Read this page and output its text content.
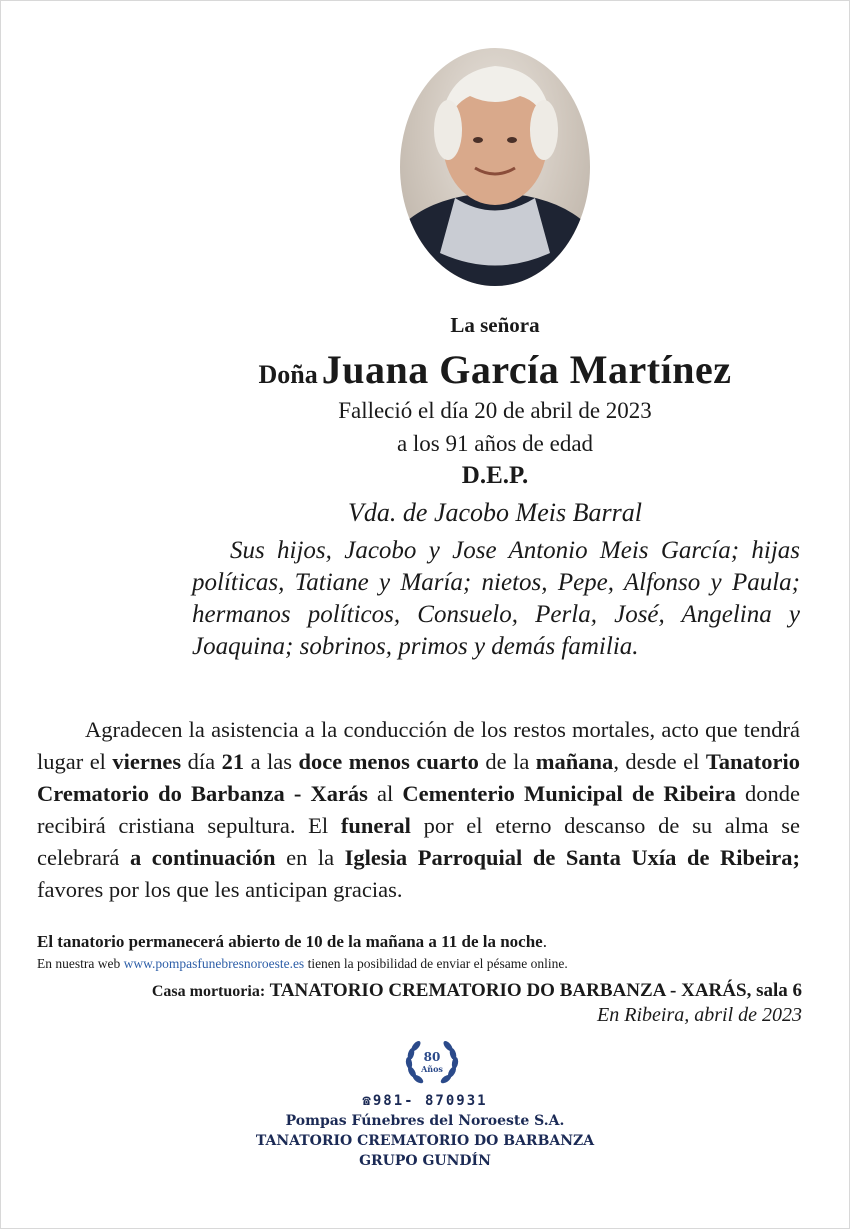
La señora
Doña Juana García Martínez
Falleció el día 20 de abril de 2023
a los 91 años de edad
D.E.P.
Vda. de Jacobo Meis Barral
Sus hijos, Jacobo y Jose Antonio Meis García; hijas políticas, Tatiane y María; nietos, Pepe, Alfonso y Paula; hermanos políticos, Consuelo, Perla, José, Angelina y Joaquina; sobrinos, primos y demás familia.
Agradecen la asistencia a la conducción de los restos mortales, acto que tendrá lugar el viernes día 21 a las doce menos cuarto de la mañana, desde el Tanatorio Crematorio do Barbanza - Xarás al Cementerio Municipal de Ribeira donde recibirá cristiana sepultura. El funeral por el eterno descanso de su alma se celebrará a continuación en la Iglesia Parroquial de Santa Uxía de Ribeira; favores por los que les anticipan gracias.
El tanatorio permanecerá abierto de 10 de la mañana a 11 de la noche.
En nuestra web www.pompasfunebresnoroeste.es tienen la posibilidad de enviar el pésame online.
Casa mortuoria: TANATORIO CREMATORIO DO BARBANZA - XARÁS, sala 6
En Ribeira, abril de 2023
80
Años
☎981- 870931
Pompas Fúnebres del Noroeste S.A.
TANATORIO CREMATORIO DO BARBANZA
GRUPO GUNDÍN
